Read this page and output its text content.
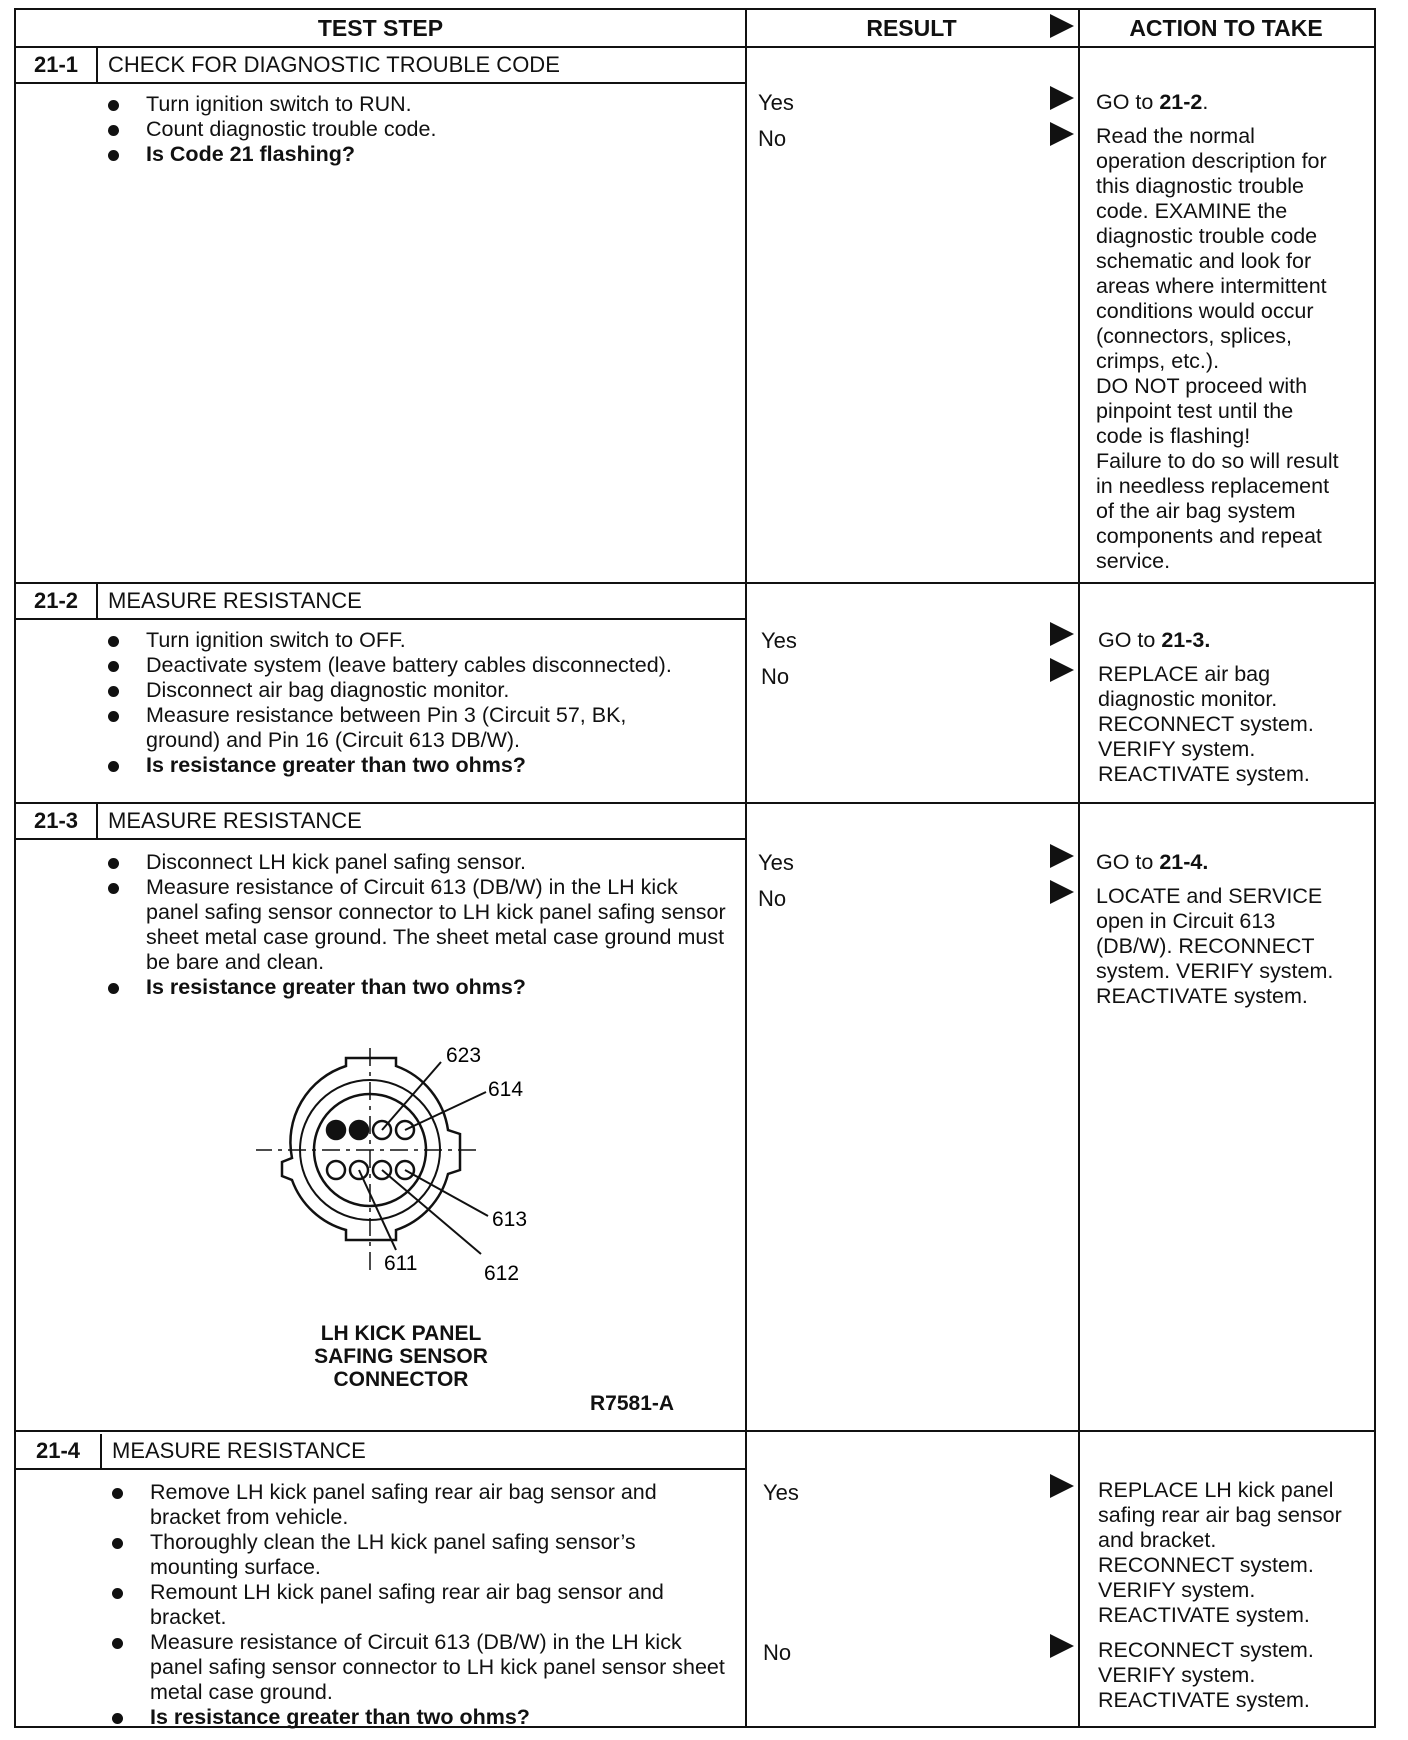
TEST STEP	RESULT	ACTION TO TAKE
21-1	CHECK FOR DIAGNOSTIC TROUBLE CODE
Turn ignition switch to RUN.
Count diagnostic trouble code.
Is Code 21 flashing?
Yes	GO to 21-2.
No	Read the normal
operation description for
this diagnostic trouble
code. EXAMINE the
diagnostic trouble code
schematic and look for
areas where intermittent
conditions would occur
(connectors, splices,
crimps, etc.).
DO NOT proceed with
pinpoint test until the
code is flashing!
Failure to do so will result
in needless replacement
of the air bag system
components and repeat
service.
21-2	MEASURE RESISTANCE
Turn ignition switch to OFF.
Deactivate system (leave battery cables disconnected).
Disconnect air bag diagnostic monitor.
Measure resistance between Pin 3 (Circuit 57, BK, ground) and Pin 16 (Circuit 613 DB/W).
Is resistance greater than two ohms?
Yes	GO to 21-3.
No	REPLACE air bag
diagnostic monitor.
RECONNECT system.
VERIFY system.
REACTIVATE system.
21-3	MEASURE RESISTANCE
Disconnect LH kick panel safing sensor.
Measure resistance of Circuit 613 (DB/W) in the LH kick panel safing sensor connector to LH kick panel safing sensor sheet metal case ground. The sheet metal case ground must be bare and clean.
Is resistance greater than two ohms?
Yes	GO to 21-4.
No	LOCATE and SERVICE
open in Circuit 613
(DB/W). RECONNECT
system. VERIFY system.
REACTIVATE system.
623
614
613
611	612
LH KICK PANEL
SAFING SENSOR
CONNECTOR
R7581-A
21-4	MEASURE RESISTANCE
Remove LH kick panel safing rear air bag sensor and bracket from vehicle.
Thoroughly clean the LH kick panel safing sensor’s mounting surface.
Remount LH kick panel safing rear air bag sensor and bracket.
Measure resistance of Circuit 613 (DB/W) in the LH kick panel safing sensor connector to LH kick panel sensor sheet metal case ground.
Is resistance greater than two ohms?
Yes	REPLACE LH kick panel
safing rear air bag sensor
and bracket.
RECONNECT system.
VERIFY system.
REACTIVATE system.
No	RECONNECT system.
VERIFY system.
REACTIVATE system.
